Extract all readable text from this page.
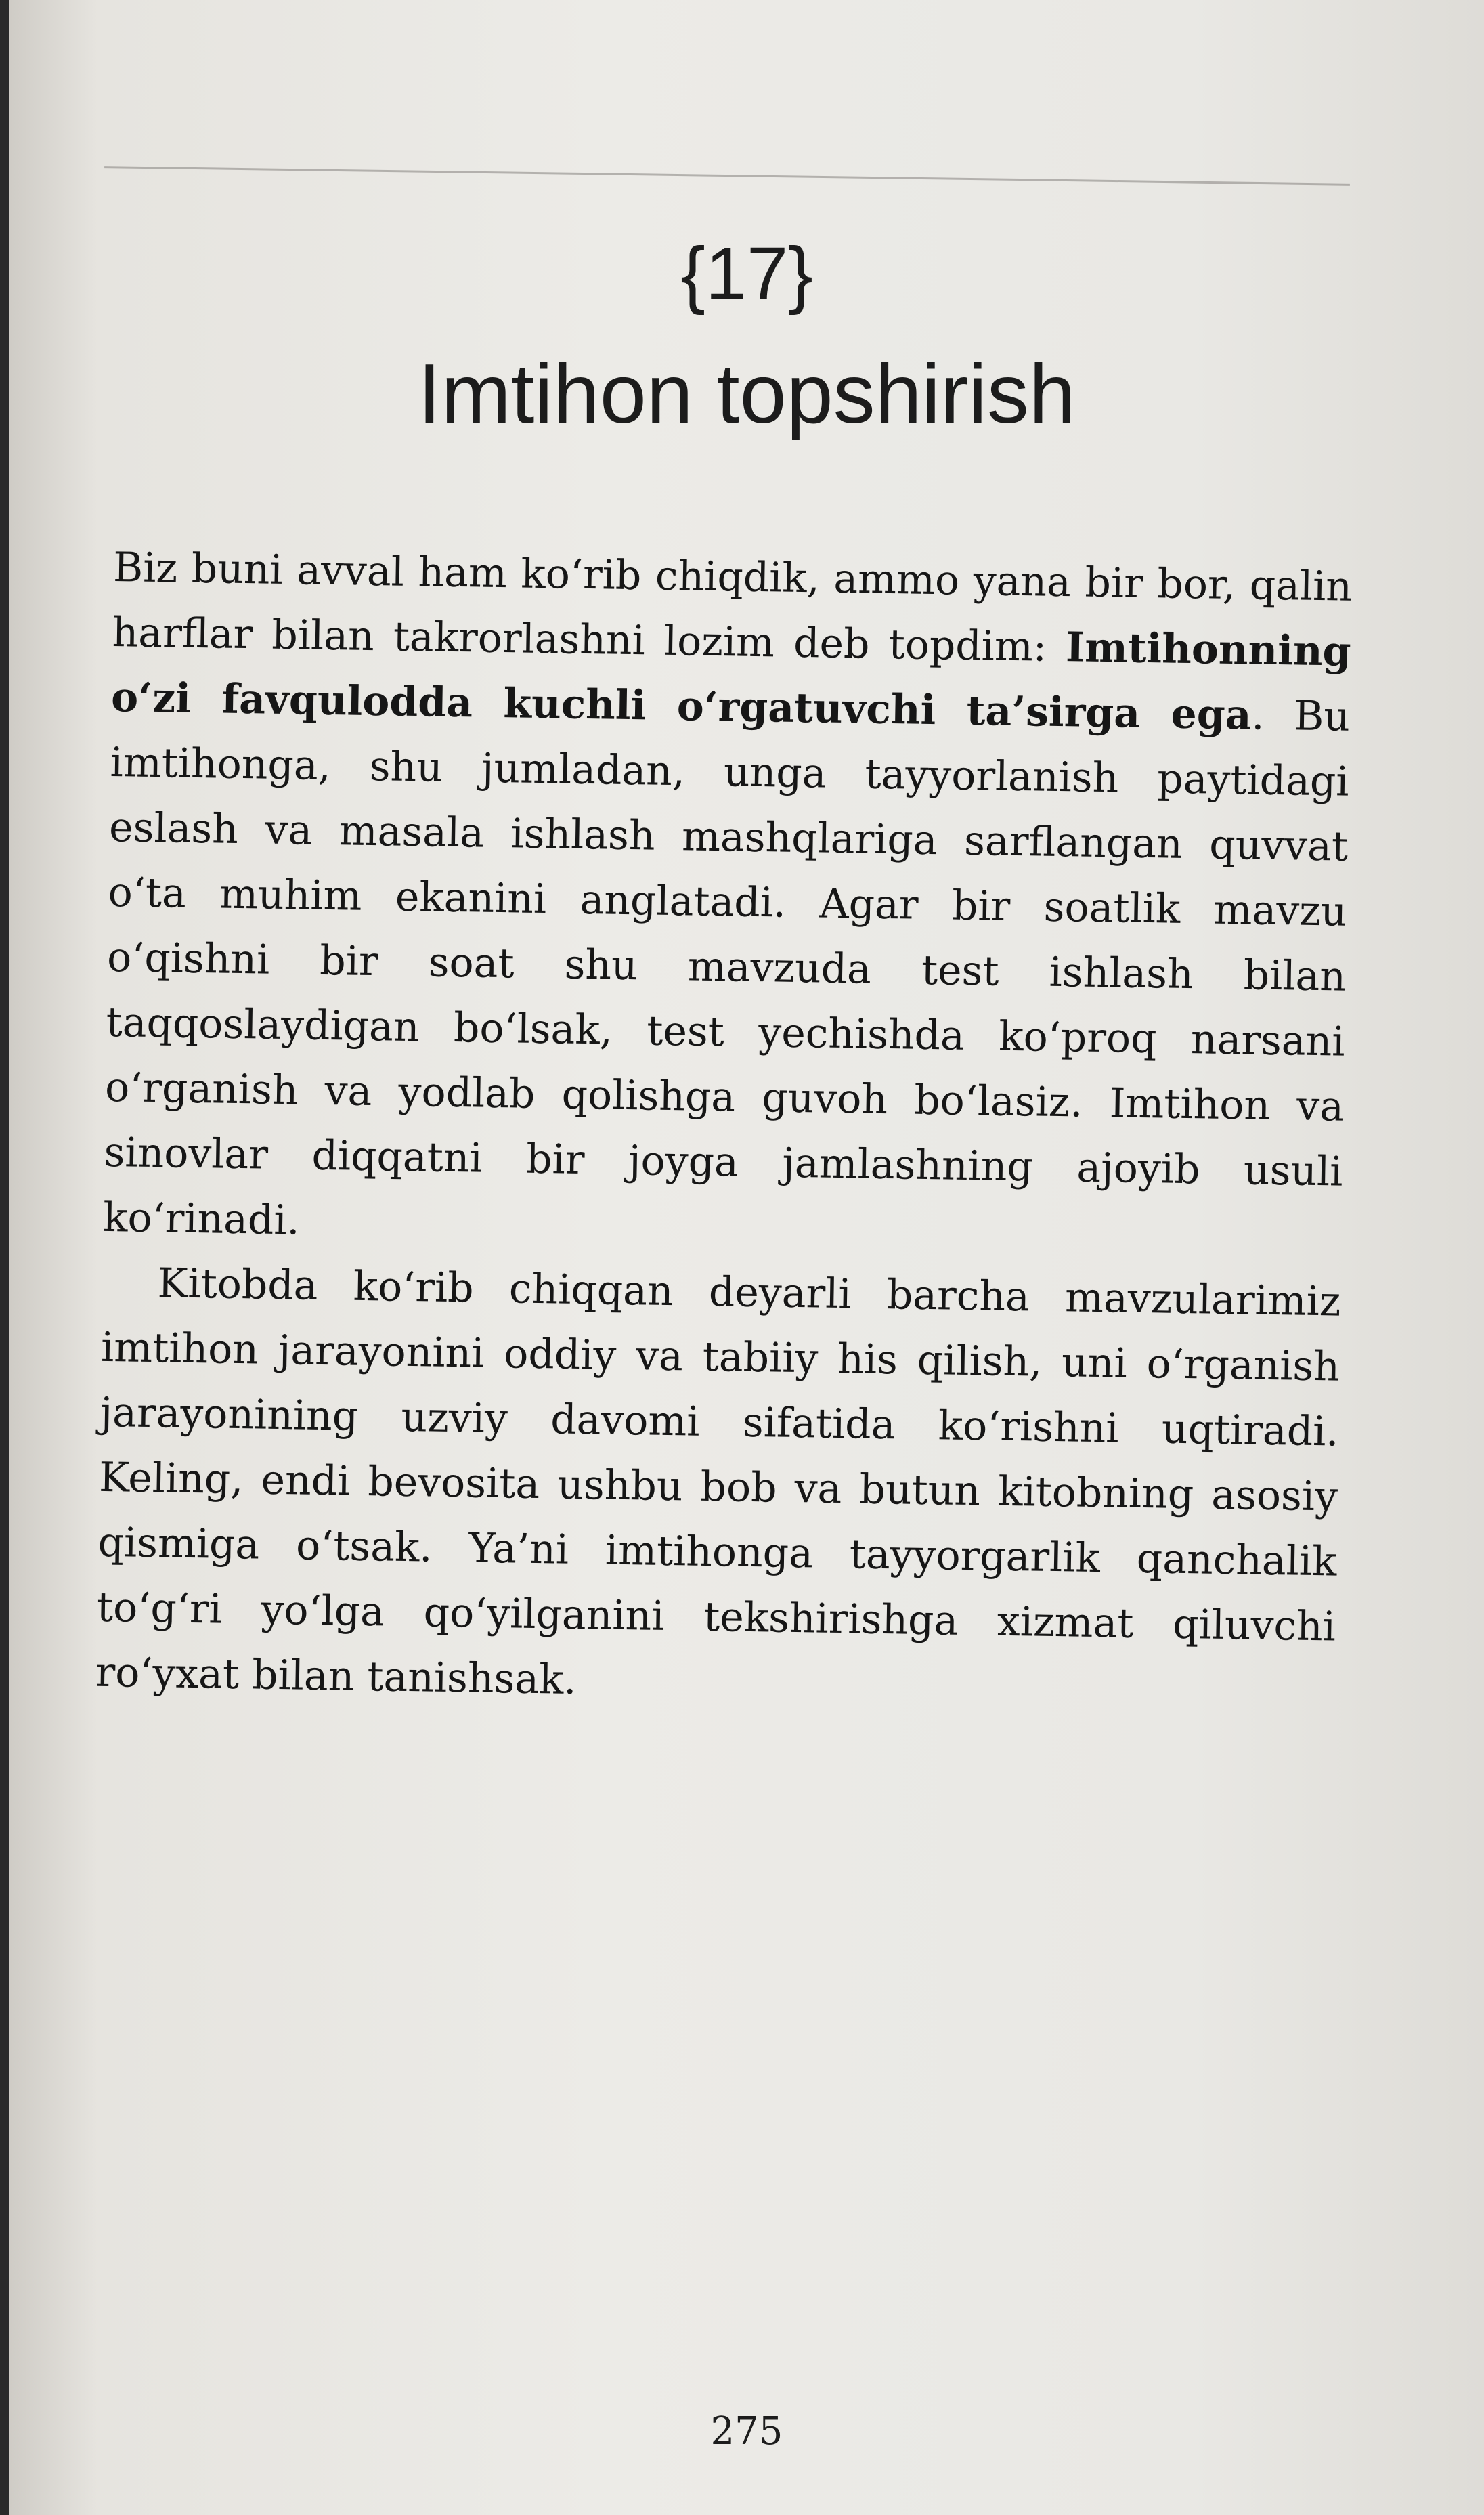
{17}
Imtihon topshirish

Biz buni avval ham ko‘rib chiqdik, ammo yana bir bor, qalin harflar bilan takrorlashni lozim deb topdim: Imtihonning o‘zi favqulodda kuchli o‘rgatuvchi ta’sirga ega. Bu imtihonga, shu jumladan, unga tayyorlanish paytidagi eslash va masala ishlash mashqlariga sarflangan quvvat o‘ta muhim ekanini anglatadi. Agar bir soatlik mavzu o‘qishni bir soat shu mavzuda test ishlash bilan taqqoslaydigan bo‘lsak, test yechishda ko‘proq narsani o‘rganish va yodlab qolishga guvoh bo‘lasiz. Imtihon va sinovlar diqqatni bir joyga jamlashning ajoyib usuli ko‘rinadi.

Kitobda ko‘rib chiqqan deyarli barcha mavzularimiz imtihon jarayonini oddiy va tabiiy his qilish, uni o‘rganish jarayonining uzviy davomi sifatida ko‘rishni uqtiradi. Keling, endi bevosita ushbu bob va butun kitobning asosiy qismiga o‘tsak. Ya’ni imtihonga tayyorgarlik qanchalik to‘g‘ri yo‘lga qo‘yilganini tekshirishga xizmat qiluvchi ro‘yxat bilan tanishsak.

275
